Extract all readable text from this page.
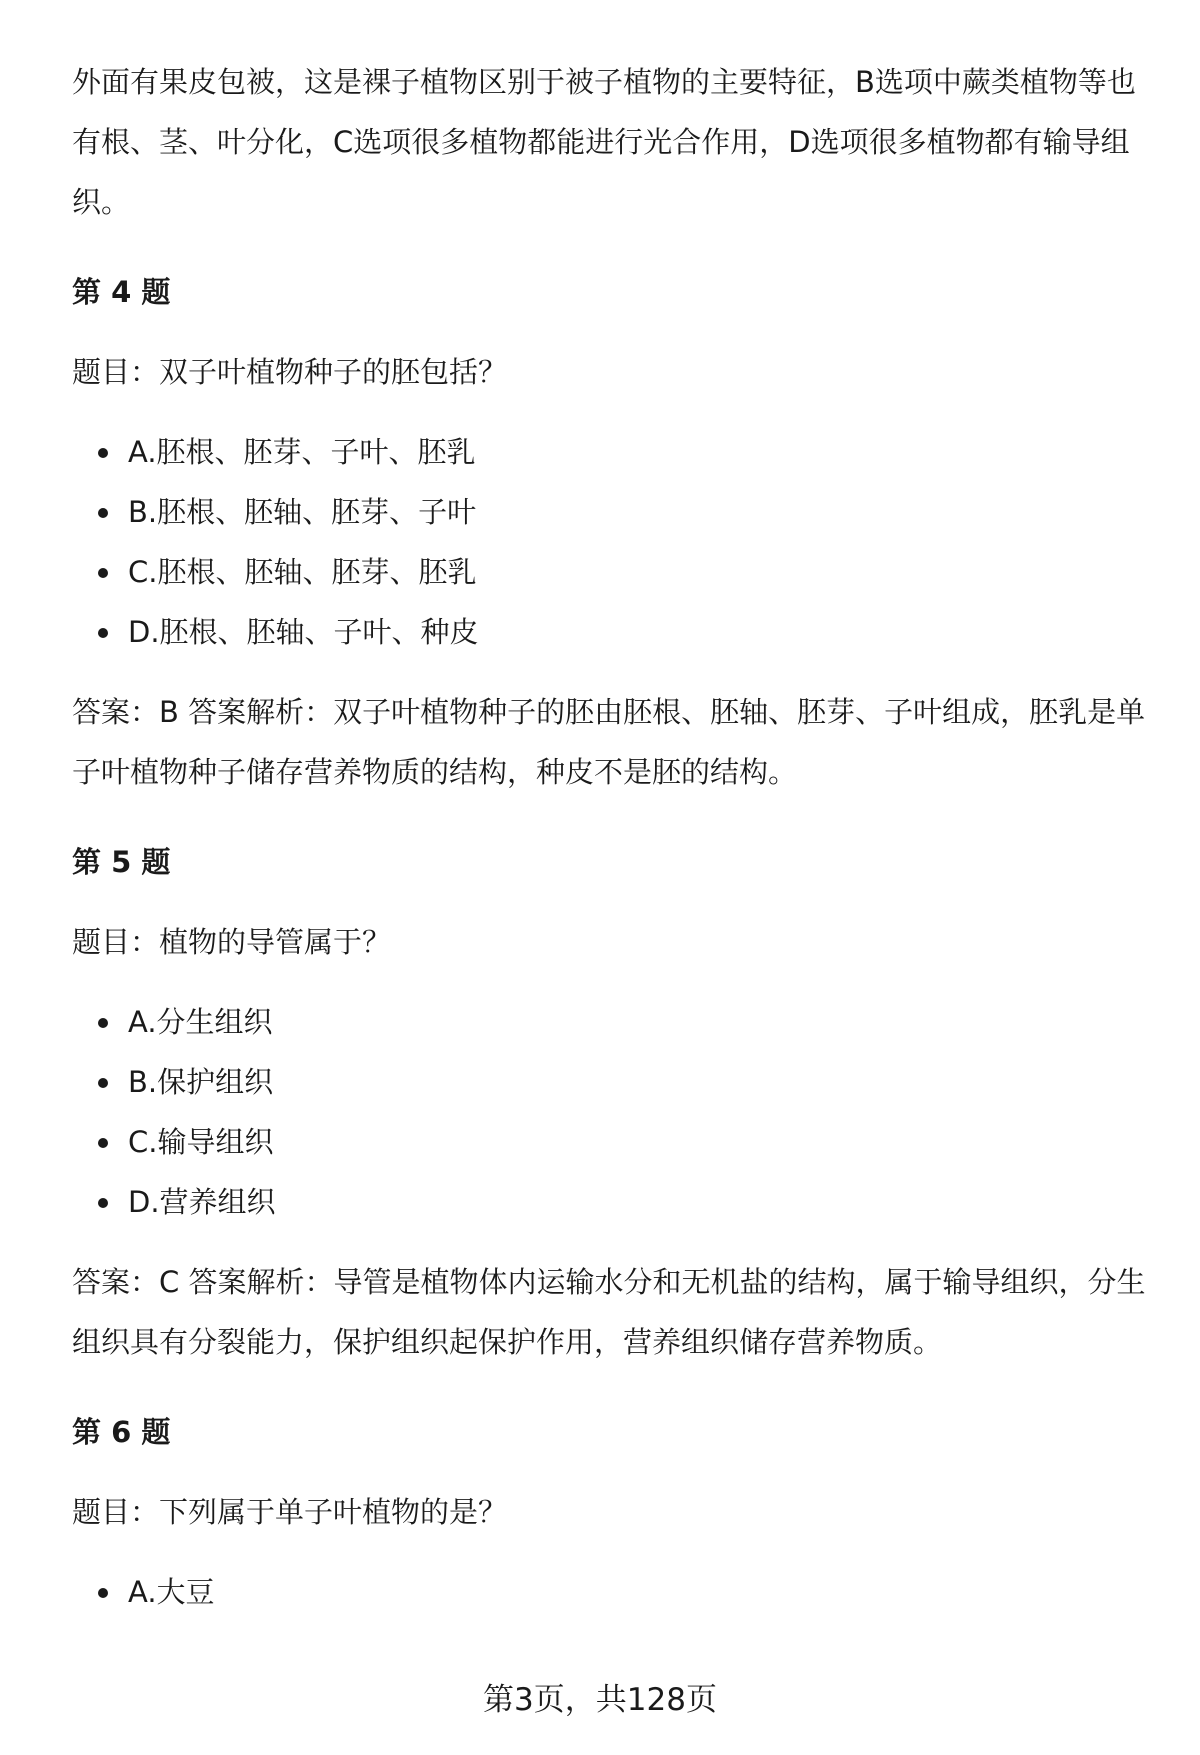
外面有果皮包被，这是裸子植物区别于被子植物的主要特征，B选项中蕨类植物等也有根、茎、叶分化，C选项很多植物都能进行光合作用，D选项很多植物都有输导组织。

第 4 题

题目：双子叶植物种子的胚包括？

A.胚根、胚芽、子叶、胚乳
B.胚根、胚轴、胚芽、子叶
C.胚根、胚轴、胚芽、胚乳
D.胚根、胚轴、子叶、种皮

答案：B 答案解析：双子叶植物种子的胚由胚根、胚轴、胚芽、子叶组成，胚乳是单子叶植物种子储存营养物质的结构，种皮不是胚的结构。

第 5 题

题目：植物的导管属于？

A.分生组织
B.保护组织
C.输导组织
D.营养组织

答案：C 答案解析：导管是植物体内运输水分和无机盐的结构，属于输导组织，分生组织具有分裂能力，保护组织起保护作用，营养组织储存营养物质。

第 6 题

题目：下列属于单子叶植物的是？

A.大豆
第3页，共128页
